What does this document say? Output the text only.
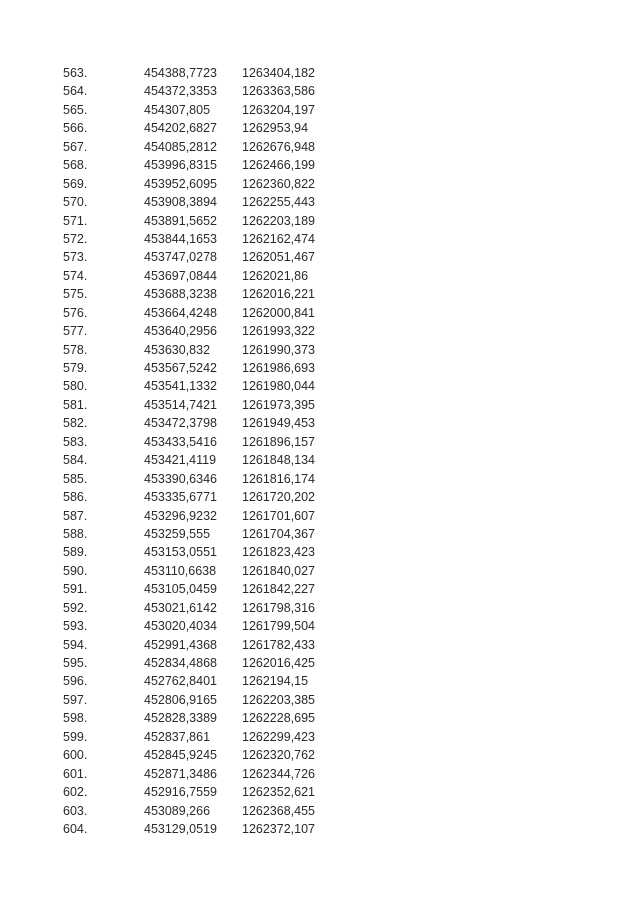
563.	454388,7723	1263404,182
564.	454372,3353	1263363,586
565.	454307,805	1263204,197
566.	454202,6827	1262953,94
567.	454085,2812	1262676,948
568.	453996,8315	1262466,199
569.	453952,6095	1262360,822
570.	453908,3894	1262255,443
571.	453891,5652	1262203,189
572.	453844,1653	1262162,474
573.	453747,0278	1262051,467
574.	453697,0844	1262021,86
575.	453688,3238	1262016,221
576.	453664,4248	1262000,841
577.	453640,2956	1261993,322
578.	453630,832	1261990,373
579.	453567,5242	1261986,693
580.	453541,1332	1261980,044
581.	453514,7421	1261973,395
582.	453472,3798	1261949,453
583.	453433,5416	1261896,157
584.	453421,4119	1261848,134
585.	453390,6346	1261816,174
586.	453335,6771	1261720,202
587.	453296,9232	1261701,607
588.	453259,555	1261704,367
589.	453153,0551	1261823,423
590.	453110,6638	1261840,027
591.	453105,0459	1261842,227
592.	453021,6142	1261798,316
593.	453020,4034	1261799,504
594.	452991,4368	1261782,433
595.	452834,4868	1262016,425
596.	452762,8401	1262194,15
597.	452806,9165	1262203,385
598.	452828,3389	1262228,695
599.	452837,861	1262299,423
600.	452845,9245	1262320,762
601.	452871,3486	1262344,726
602.	452916,7559	1262352,621
603.	453089,266	1262368,455
604.	453129,0519	1262372,107
